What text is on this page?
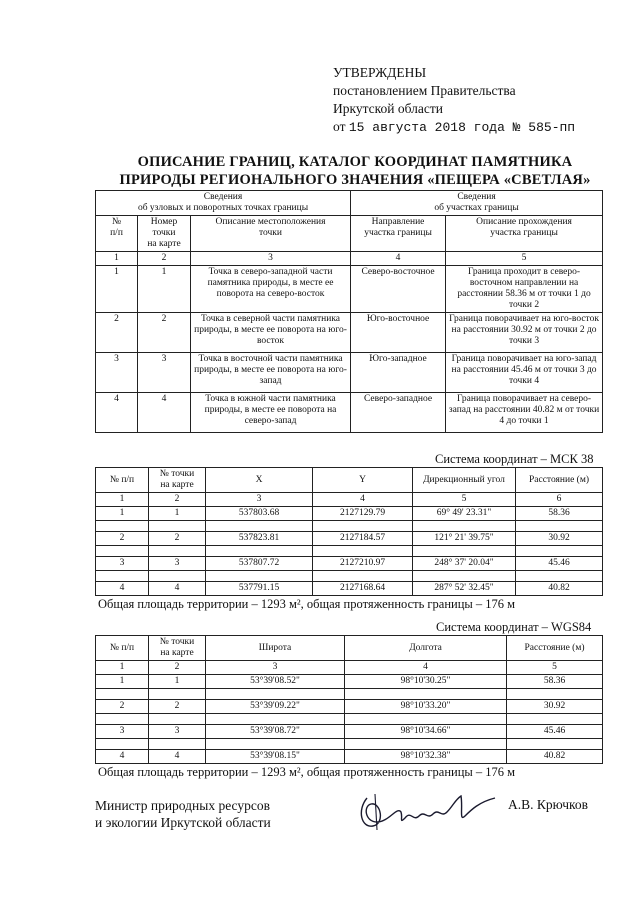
УТВЕРЖДЕНЫ
постановлением Правительства
Иркутской области
от 15 августа 2018 года № 585-пп
ОПИСАНИЕ ГРАНИЦ, КАТАЛОГ КООРДИНАТ ПАМЯТНИКА
ПРИРОДЫ РЕГИОНАЛЬНОГО ЗНАЧЕНИЯ «ПЕЩЕРА «СВЕТЛАЯ»
Сведения
об узловых и поворотных точках границы			Сведения
об участках границы	
№
п/п	Номер
точки
на карте	Описание местоположения
точки	Направление
участка границы	Описание прохождения
участка границы
1	2	3	4	5
1	1	Точка в северо-западной части памятника природы, в месте ее поворота на северо-восток	Северо-восточное	Граница проходит в северо-восточном направлении на расстоянии 58.36 м от точки 1 до точки 2
2	2	Точка в северной части памятника природы, в месте ее поворота на юго-восток	Юго-восточное	Граница поворачивает на юго-восток на расстоянии 30.92 м от точки 2 до точки 3
3	3	Точка в восточной части памятника природы, в месте ее поворота на юго-запад	Юго-западное	Граница поворачивает на юго-запад на расстоянии 45.46 м от точки 3 до точки 4
4	4	Точка в южной части памятника природы, в месте ее поворота на северо-запад	Северо-западное	Граница поворачивает на северо-запад на расстоянии 40.82 м от точки 4 до точки 1
Система координат – МСК 38
№ п/п	№ точки
на карте	X	Y	Дирекционный угол	Расстояние (м)
1	2	3	4	5	6
1	1	537803.68	2127129.79	69° 49' 23.31"	58.36

2	2	537823.81	2127184.57	121° 21' 39.75"	30.92

3	3	537807.72	2127210.97	248° 37' 20.04"	45.46

4	4	537791.15	2127168.64	287° 52' 32.45"	40.82
Общая площадь территории – 1293 м², общая протяженность границы – 176 м
Система координат – WGS84
№ п/п	№ точки
на карте	Широта	Долгота	Расстояние (м)
1	2	3	4	5
1	1	53°39'08.52"	98°10'30.25"	58.36

2	2	53°39'09.22"	98°10'33.20"	30.92

3	3	53°39'08.72"	98°10'34.66"	45.46

4	4	53°39'08.15"	98°10'32.38"	40.82
Общая площадь территории – 1293 м², общая протяженность границы – 176 м
Министр природных ресурсов
и экологии Иркутской области
А.В. Крючков
